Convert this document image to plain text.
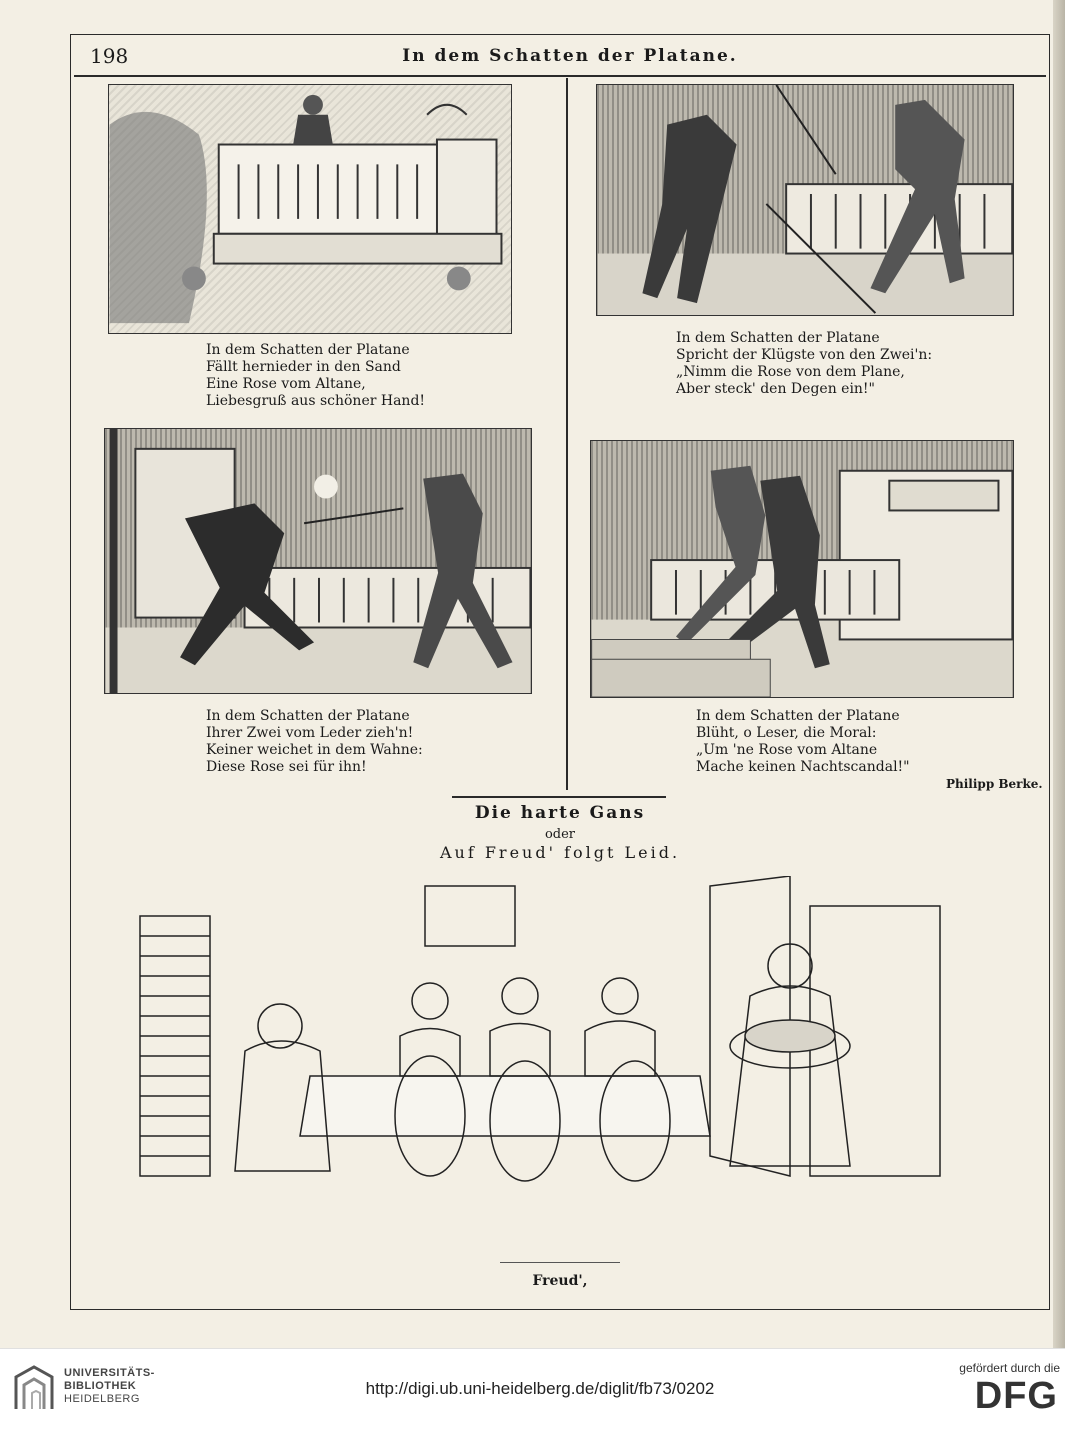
198	In dem Schatten der Platane.
In dem Schatten der Platane
Fällt hernieder in den Sand
Eine Rose vom Altane,
Liebesgruß aus schöner Hand!
In dem Schatten der Platane
Spricht der Klügste von den Zwei'n:
„Nimm die Rose von dem Plane,
Aber steck' den Degen ein!"
In dem Schatten der Platane
Ihrer Zwei vom Leder zieh'n!
Keiner weichet in dem Wahne:
Diese Rose sei für ihn!
In dem Schatten der Platane
Blüht, o Leser, die Moral:
„Um 'ne Rose vom Altane
Mache keinen Nachtscandal!"
Philipp Berke.
Die harte Gans
oder
Auf Freud' folgt Leid.
Freud',
UNIVERSITÄTS-
BIBLIOTHEK
HEIDELBERG
http://digi.ub.uni-heidelberg.de/diglit/fb73/0202
gefördert durch die
DFG
